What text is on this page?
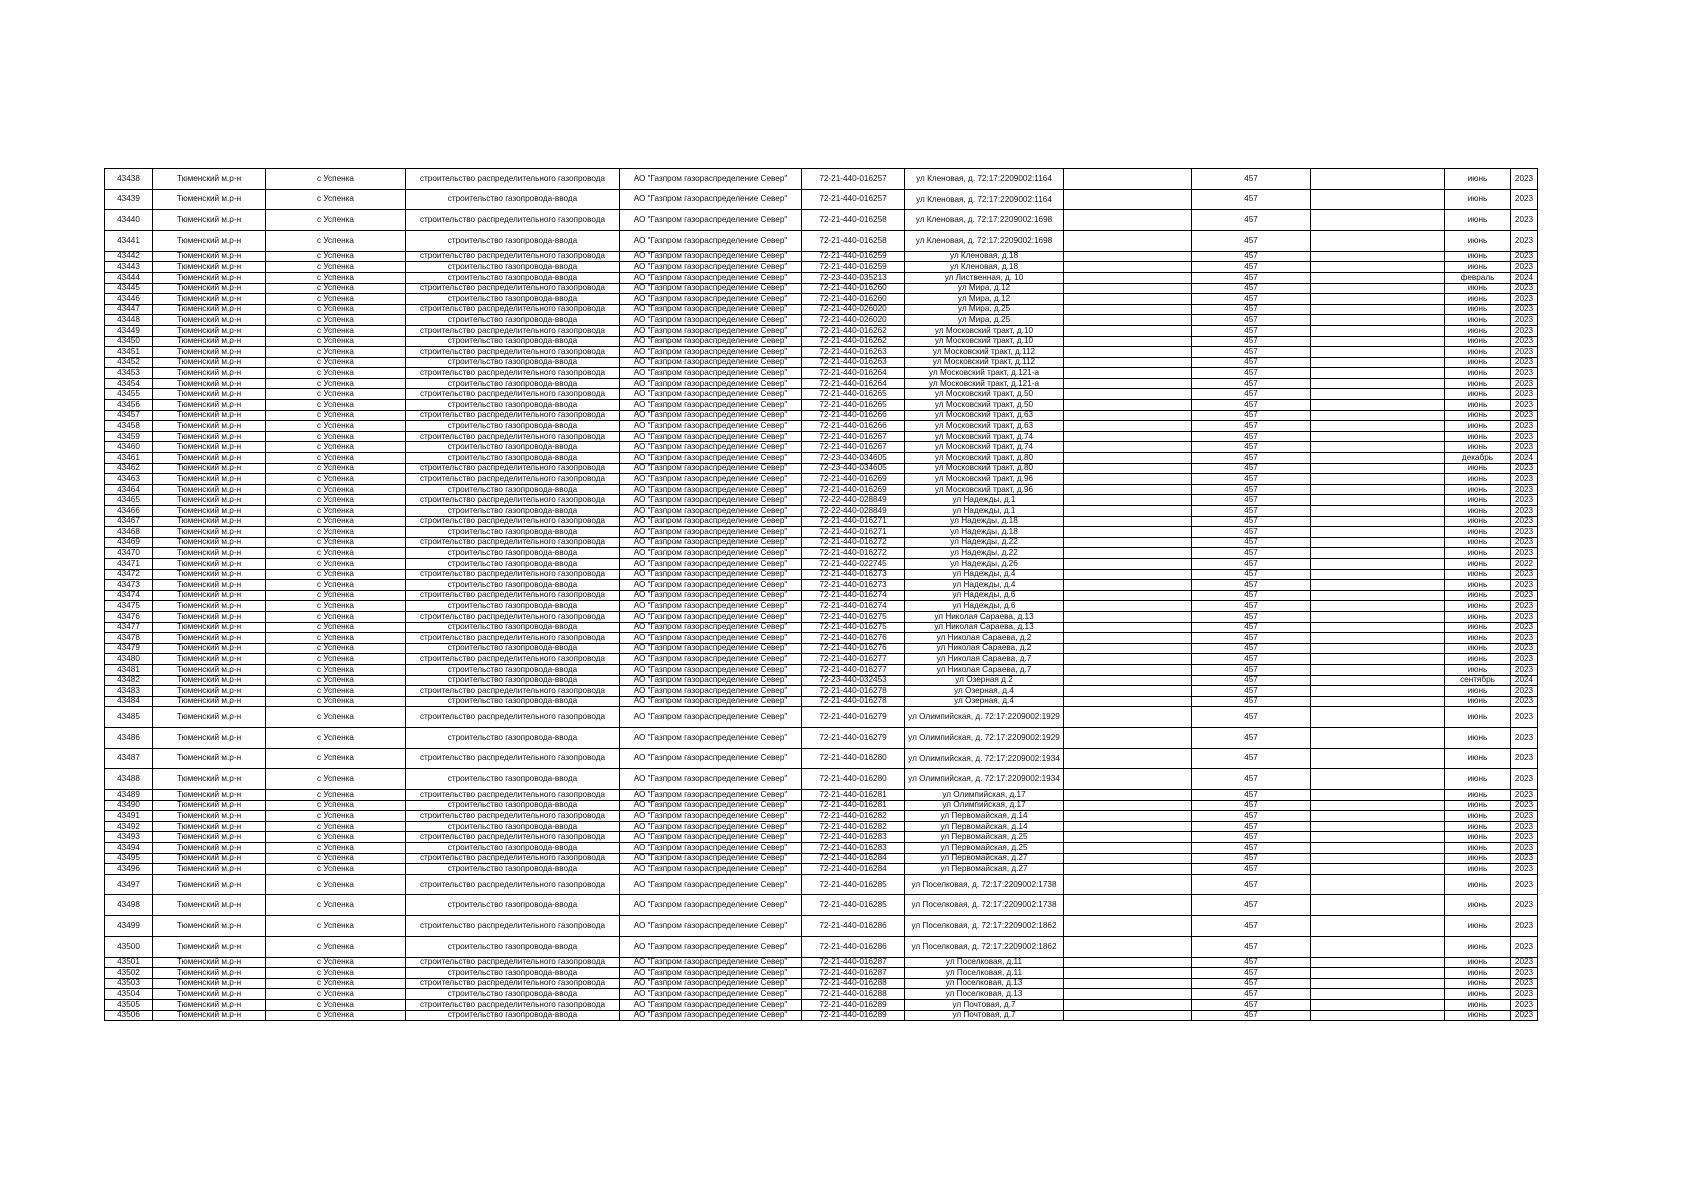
43438	Тюменский м.р-н	с Успенка	строительство распределительного газопровода	АО "Газпром газораспределение Север"	72-21-440-016257	ул Кленовая, д. 72:17:2209002:1164		457		июнь	2023
43439	Тюменский м.р-н	с Успенка	строительство газопровода-ввода	АО "Газпром газораспределение Север"	72-21-440-016257	ул Кленовая, д. 72:17:2209002:1164		457		июнь	2023
43440	Тюменский м.р-н	с Успенка	строительство распределительного газопровода	АО "Газпром газораспределение Север"	72-21-440-016258	ул Кленовая, д. 72:17:2209002:1698		457		июнь	2023
43441	Тюменский м.р-н	с Успенка	строительство газопровода-ввода	АО "Газпром газораспределение Север"	72-21-440-016258	ул Кленовая, д. 72:17:2209002:1698		457		июнь	2023
43442	Тюменский м.р-н	с Успенка	строительство распределительного газопровода	АО "Газпром газораспределение Север"	72-21-440-016259	ул Кленовая, д.18		457		июнь	2023
43443	Тюменский м.р-н	с Успенка	строительство газопровода-ввода	АО "Газпром газораспределение Север"	72-21-440-016259	ул Кленовая, д.18		457		июнь	2023
43444	Тюменский м.р-н	с Успенка	строительство газопровода-ввода	АО "Газпром газораспределение Север"	72-23-440-035213	ул Лиственная, д. 10		457		февраль	2024
43445	Тюменский м.р-н	с Успенка	строительство распределительного газопровода	АО "Газпром газораспределение Север"	72-21-440-016260	ул Мира, д.12		457		июнь	2023
43446	Тюменский м.р-н	с Успенка	строительство газопровода-ввода	АО "Газпром газораспределение Север"	72-21-440-016260	ул Мира, д.12		457		июнь	2023
43447	Тюменский м.р-н	с Успенка	строительство распределительного газопровода	АО "Газпром газораспределение Север"	72-21-440-026020	ул Мира, д.25		457		июнь	2023
43448	Тюменский м.р-н	с Успенка	строительство газопровода-ввода	АО "Газпром газораспределение Север"	72-21-440-026020	ул Мира, д.25		457		июнь	2023
43449	Тюменский м.р-н	с Успенка	строительство распределительного газопровода	АО "Газпром газораспределение Север"	72-21-440-016262	ул Московский тракт, д.10		457		июнь	2023
43450	Тюменский м.р-н	с Успенка	строительство газопровода-ввода	АО "Газпром газораспределение Север"	72-21-440-016262	ул Московский тракт, д.10		457		июнь	2023
43451	Тюменский м.р-н	с Успенка	строительство распределительного газопровода	АО "Газпром газораспределение Север"	72-21-440-016263	ул Московский тракт, д.112		457		июнь	2023
43452	Тюменский м.р-н	с Успенка	строительство газопровода-ввода	АО "Газпром газораспределение Север"	72-21-440-016263	ул Московский тракт, д.112		457		июнь	2023
43453	Тюменский м.р-н	с Успенка	строительство распределительного газопровода	АО "Газпром газораспределение Север"	72-21-440-016264	ул Московский тракт, д.121-а		457		июнь	2023
43454	Тюменский м.р-н	с Успенка	строительство газопровода-ввода	АО "Газпром газораспределение Север"	72-21-440-016264	ул Московский тракт, д.121-а		457		июнь	2023
43455	Тюменский м.р-н	с Успенка	строительство распределительного газопровода	АО "Газпром газораспределение Север"	72-21-440-016265	ул Московский тракт, д.50		457		июнь	2023
43456	Тюменский м.р-н	с Успенка	строительство газопровода-ввода	АО "Газпром газораспределение Север"	72-21-440-016265	ул Московский тракт, д.50		457		июнь	2023
43457	Тюменский м.р-н	с Успенка	строительство распределительного газопровода	АО "Газпром газораспределение Север"	72-21-440-016266	ул Московский тракт, д.63		457		июнь	2023
43458	Тюменский м.р-н	с Успенка	строительство газопровода-ввода	АО "Газпром газораспределение Север"	72-21-440-016266	ул Московский тракт, д.63		457		июнь	2023
43459	Тюменский м.р-н	с Успенка	строительство распределительного газопровода	АО "Газпром газораспределение Север"	72-21-440-016267	ул Московский тракт, д.74		457		июнь	2023
43460	Тюменский м.р-н	с Успенка	строительство газопровода-ввода	АО "Газпром газораспределение Север"	72-21-440-016267	ул Московский тракт, д.74		457		июнь	2023
43461	Тюменский м.р-н	с Успенка	строительство газопровода-ввода	АО "Газпром газораспределение Север"	72-23-440-034605	ул Московский тракт, д.80		457		декабрь	2024
43462	Тюменский м.р-н	с Успенка	строительство распределительного газопровода	АО "Газпром газораспределение Север"	72-23-440-034605	ул Московский тракт, д.80		457		июнь	2023
43463	Тюменский м.р-н	с Успенка	строительство распределительного газопровода	АО "Газпром газораспределение Север"	72-21-440-016269	ул Московский тракт, д.96		457		июнь	2023
43464	Тюменский м.р-н	с Успенка	строительство газопровода-ввода	АО "Газпром газораспределение Север"	72-21-440-016269	ул Московский тракт, д.96		457		июнь	2023
43465	Тюменский м.р-н	с Успенка	строительство распределительного газопровода	АО "Газпром газораспределение Север"	72-22-440-028849	ул Надежды, д.1		457		июнь	2023
43466	Тюменский м.р-н	с Успенка	строительство газопровода-ввода	АО "Газпром газораспределение Север"	72-22-440-028849	ул Надежды, д.1		457		июнь	2023
43467	Тюменский м.р-н	с Успенка	строительство распределительного газопровода	АО "Газпром газораспределение Север"	72-21-440-016271	ул Надежды, д.18		457		июнь	2023
43468	Тюменский м.р-н	с Успенка	строительство газопровода-ввода	АО "Газпром газораспределение Север"	72-21-440-016271	ул Надежды, д.18		457		июнь	2023
43469	Тюменский м.р-н	с Успенка	строительство распределительного газопровода	АО "Газпром газораспределение Север"	72-21-440-016272	ул Надежды, д.22		457		июнь	2023
43470	Тюменский м.р-н	с Успенка	строительство газопровода-ввода	АО "Газпром газораспределение Север"	72-21-440-016272	ул Надежды, д.22		457		июнь	2023
43471	Тюменский м.р-н	с Успенка	строительство газопровода-ввода	АО "Газпром газораспределение Север"	72-21-440-022745	ул Надежды, д.26		457		июнь	2022
43472	Тюменский м.р-н	с Успенка	строительство распределительного газопровода	АО "Газпром газораспределение Север"	72-21-440-016273	ул Надежды, д.4		457		июнь	2023
43473	Тюменский м.р-н	с Успенка	строительство газопровода-ввода	АО "Газпром газораспределение Север"	72-21-440-016273	ул Надежды, д.4		457		июнь	2023
43474	Тюменский м.р-н	с Успенка	строительство распределительного газопровода	АО "Газпром газораспределение Север"	72-21-440-016274	ул Надежды, д.6		457		июнь	2023
43475	Тюменский м.р-н	с Успенка	строительство газопровода-ввода	АО "Газпром газораспределение Север"	72-21-440-016274	ул Надежды, д.6		457		июнь	2023
43476	Тюменский м.р-н	с Успенка	строительство распределительного газопровода	АО "Газпром газораспределение Север"	72-21-440-016275	ул Николая Сараева, д.13		457		июнь	2023
43477	Тюменский м.р-н	с Успенка	строительство газопровода-ввода	АО "Газпром газораспределение Север"	72-21-440-016275	ул Николая Сараева, д.13		457		июнь	2023
43478	Тюменский м.р-н	с Успенка	строительство распределительного газопровода	АО "Газпром газораспределение Север"	72-21-440-016276	ул Николая Сараева, д.2		457		июнь	2023
43479	Тюменский м.р-н	с Успенка	строительство газопровода-ввода	АО "Газпром газораспределение Север"	72-21-440-016276	ул Николая Сараева, д.2		457		июнь	2023
43480	Тюменский м.р-н	с Успенка	строительство распределительного газопровода	АО "Газпром газораспределение Север"	72-21-440-016277	ул Николая Сараева, д.7		457		июнь	2023
43481	Тюменский м.р-н	с Успенка	строительство газопровода-ввода	АО "Газпром газораспределение Север"	72-21-440-016277	ул Николая Сараева, д.7		457		июнь	2023
43482	Тюменский м.р-н	с Успенка	строительство газопровода-ввода	АО "Газпром газораспределение Север"	72-23-440-032453	ул Озерная д.2		457		сентябрь	2024
43483	Тюменский м.р-н	с Успенка	строительство распределительного газопровода	АО "Газпром газораспределение Север"	72-21-440-016278	ул Озерная, д.4		457		июнь	2023
43484	Тюменский м.р-н	с Успенка	строительство газопровода-ввода	АО "Газпром газораспределение Север"	72-21-440-016278	ул Озерная, д.4		457		июнь	2023
43485	Тюменский м.р-н	с Успенка	строительство распределительного газопровода	АО "Газпром газораспределение Север"	72-21-440-016279	ул Олимпийская, д. 72:17:2209002:1929		457		июнь	2023
43486	Тюменский м.р-н	с Успенка	строительство газопровода-ввода	АО "Газпром газораспределение Север"	72-21-440-016279	ул Олимпийская, д. 72:17:2209002:1929		457		июнь	2023
43487	Тюменский м.р-н	с Успенка	строительство распределительного газопровода	АО "Газпром газораспределение Север"	72-21-440-016280	ул Олимпийская, д. 72:17:2209002:1934		457		июнь	2023
43488	Тюменский м.р-н	с Успенка	строительство газопровода-ввода	АО "Газпром газораспределение Север"	72-21-440-016280	ул Олимпийская, д. 72:17:2209002:1934		457		июнь	2023
43489	Тюменский м.р-н	с Успенка	строительство распределительного газопровода	АО "Газпром газораспределение Север"	72-21-440-016281	ул Олимпийская, д.17		457		июнь	2023
43490	Тюменский м.р-н	с Успенка	строительство газопровода-ввода	АО "Газпром газораспределение Север"	72-21-440-016281	ул Олимпийская, д.17		457		июнь	2023
43491	Тюменский м.р-н	с Успенка	строительство распределительного газопровода	АО "Газпром газораспределение Север"	72-21-440-016282	ул Первомайская, д.14		457		июнь	2023
43492	Тюменский м.р-н	с Успенка	строительство газопровода-ввода	АО "Газпром газораспределение Север"	72-21-440-016282	ул Первомайская, д.14		457		июнь	2023
43493	Тюменский м.р-н	с Успенка	строительство распределительного газопровода	АО "Газпром газораспределение Север"	72-21-440-016283	ул Первомайская, д.25		457		июнь	2023
43494	Тюменский м.р-н	с Успенка	строительство газопровода-ввода	АО "Газпром газораспределение Север"	72-21-440-016283	ул Первомайская, д.25		457		июнь	2023
43495	Тюменский м.р-н	с Успенка	строительство распределительного газопровода	АО "Газпром газораспределение Север"	72-21-440-016284	ул Первомайская, д.27		457		июнь	2023
43496	Тюменский м.р-н	с Успенка	строительство газопровода-ввода	АО "Газпром газораспределение Север"	72-21-440-016284	ул Первомайская, д.27		457		июнь	2023
43497	Тюменский м.р-н	с Успенка	строительство распределительного газопровода	АО "Газпром газораспределение Север"	72-21-440-016285	ул Поселковая, д. 72:17:2209002:1738		457		июнь	2023
43498	Тюменский м.р-н	с Успенка	строительство газопровода-ввода	АО "Газпром газораспределение Север"	72-21-440-016285	ул Поселковая, д. 72:17:2209002:1738		457		июнь	2023
43499	Тюменский м.р-н	с Успенка	строительство распределительного газопровода	АО "Газпром газораспределение Север"	72-21-440-016286	ул Поселковая, д. 72:17:2209002:1862		457		июнь	2023
43500	Тюменский м.р-н	с Успенка	строительство газопровода-ввода	АО "Газпром газораспределение Север"	72-21-440-016286	ул Поселковая, д. 72:17:2209002:1862		457		июнь	2023
43501	Тюменский м.р-н	с Успенка	строительство распределительного газопровода	АО "Газпром газораспределение Север"	72-21-440-016287	ул Поселковая, д.11		457		июнь	2023
43502	Тюменский м.р-н	с Успенка	строительство газопровода-ввода	АО "Газпром газораспределение Север"	72-21-440-016287	ул Поселковая, д.11		457		июнь	2023
43503	Тюменский м.р-н	с Успенка	строительство распределительного газопровода	АО "Газпром газораспределение Север"	72-21-440-016288	ул Поселковая, д.13		457		июнь	2023
43504	Тюменский м.р-н	с Успенка	строительство газопровода-ввода	АО "Газпром газораспределение Север"	72-21-440-016288	ул Поселковая, д.13		457		июнь	2023
43505	Тюменский м.р-н	с Успенка	строительство распределительного газопровода	АО "Газпром газораспределение Север"	72-21-440-016289	ул Почтовая, д.7		457		июнь	2023
43506	Тюменский м.р-н	с Успенка	строительство газопровода-ввода	АО "Газпром газораспределение Север"	72-21-440-016289	ул Почтовая, д.7		457		июнь	2023
